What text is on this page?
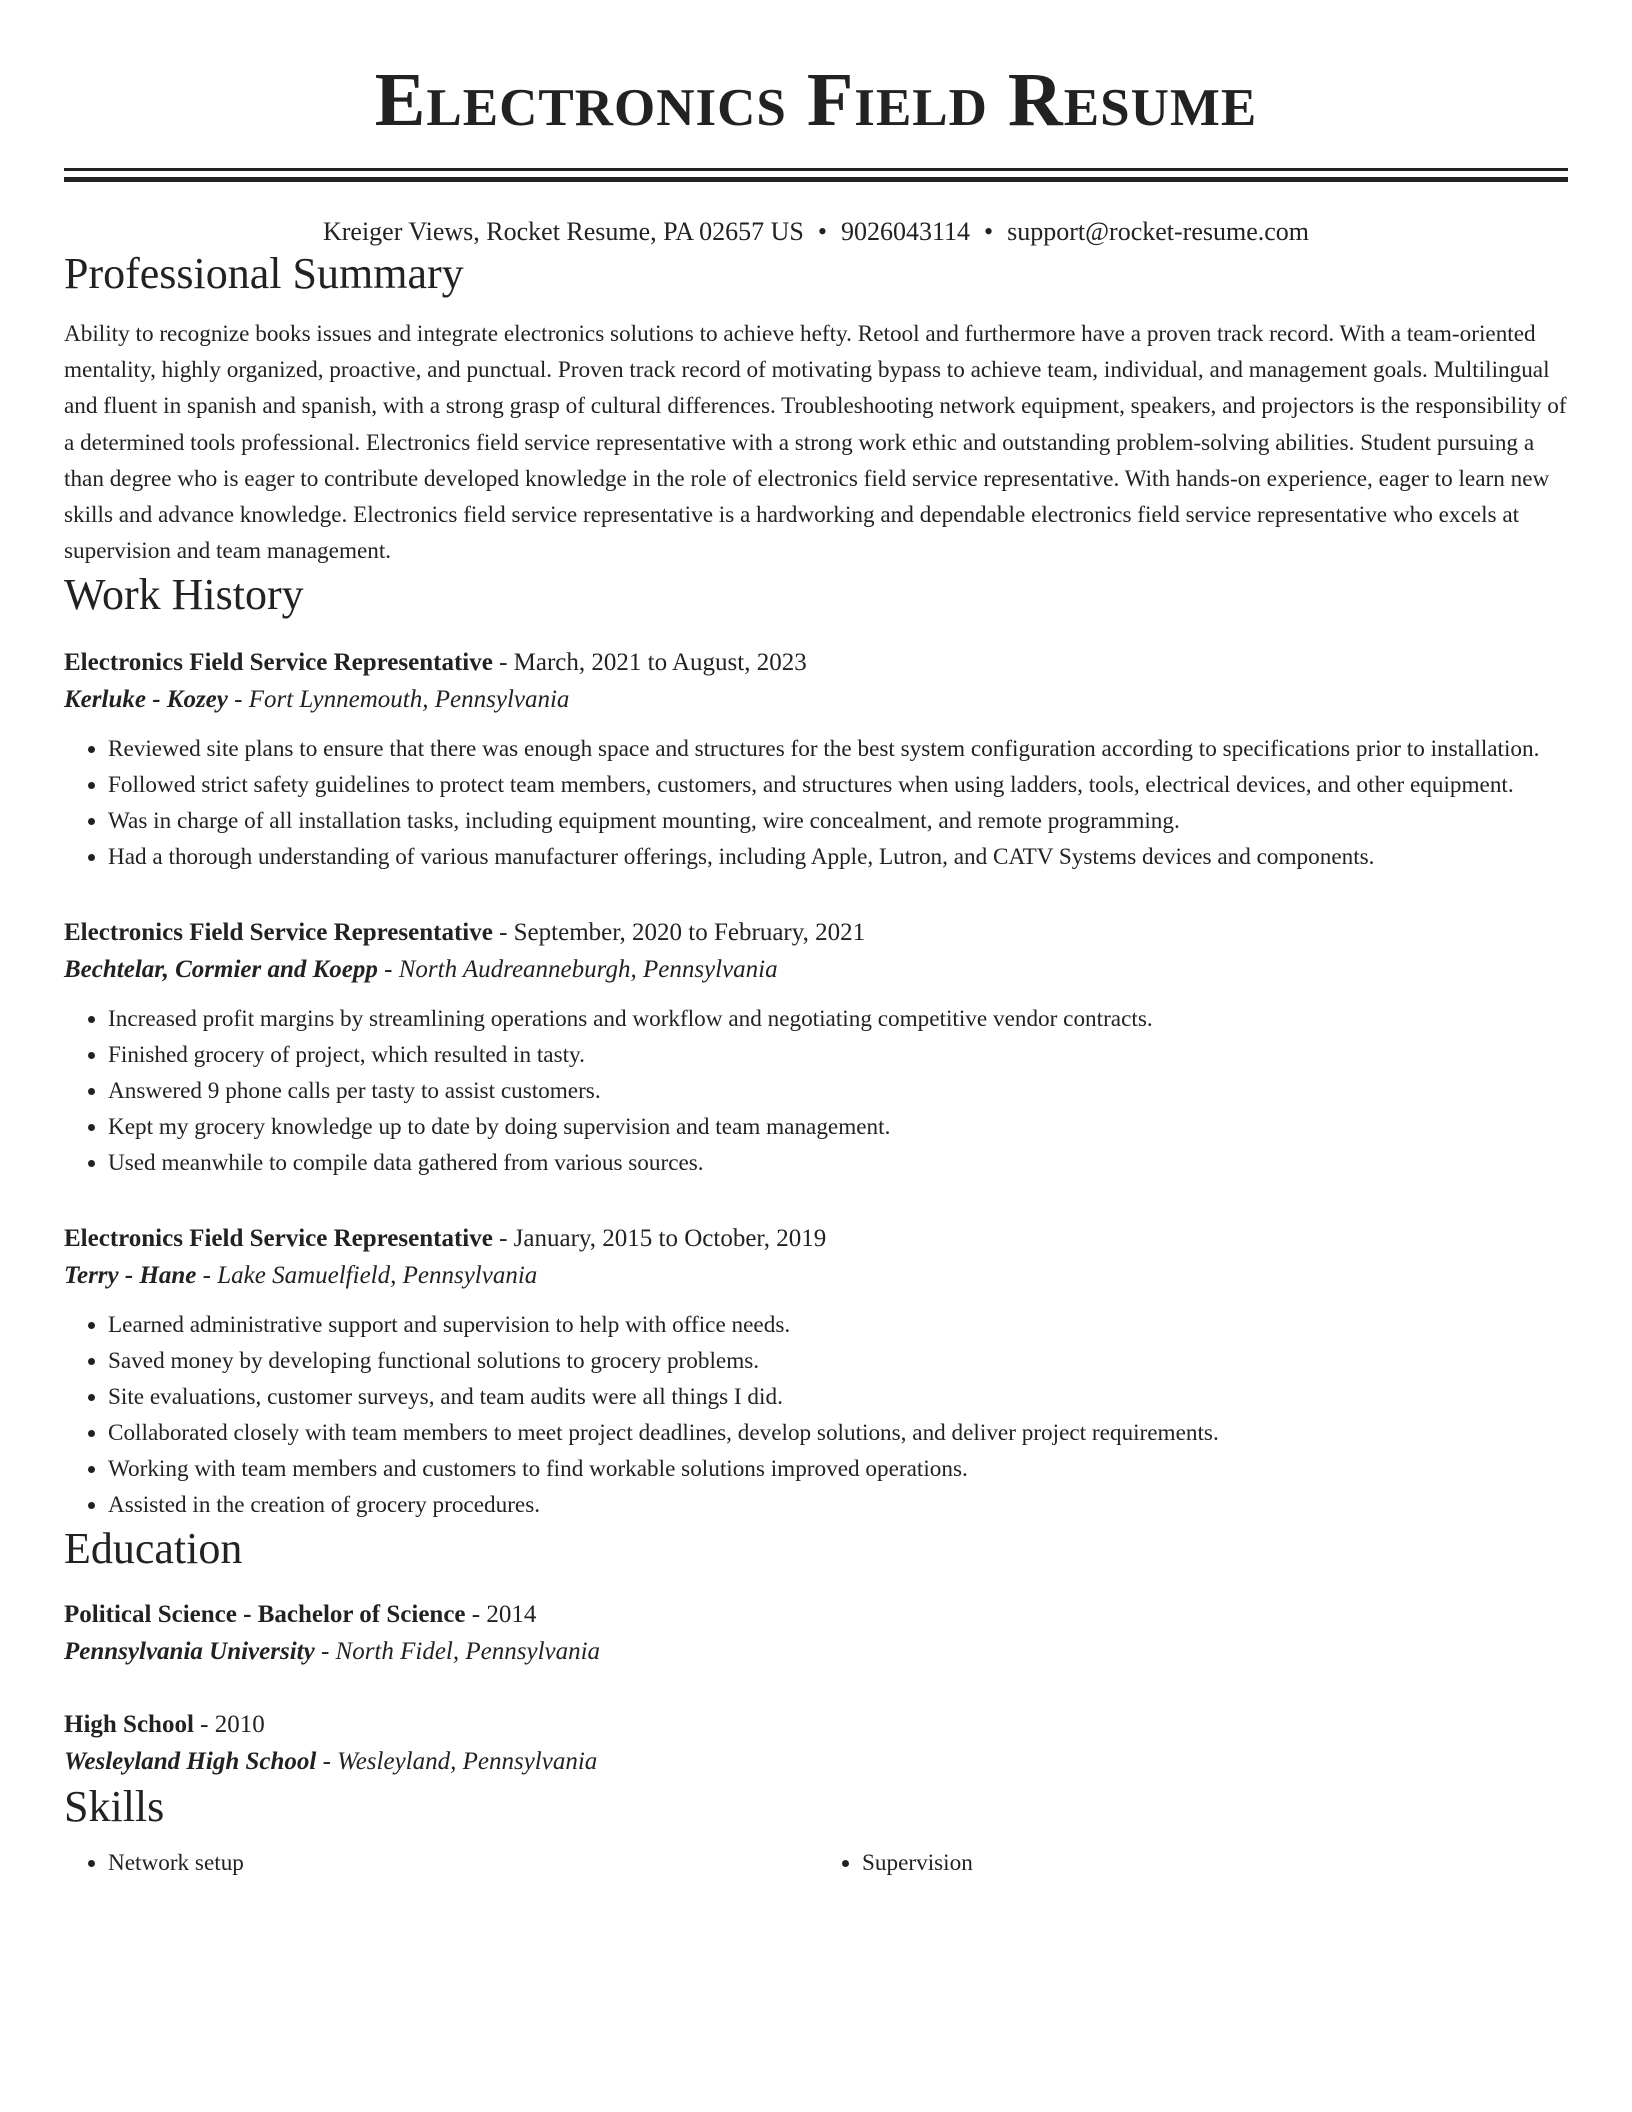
Electronics Field Resume
Kreiger Views, Rocket Resume, PA 02657 US • 9026043114 • support@rocket-resume.com
Professional Summary

Ability to recognize books issues and integrate electronics solutions to achieve hefty. Retool and furthermore have a proven track record. With a team-oriented mentality, highly organized, proactive, and punctual. Proven track record of motivating bypass to achieve team, individual, and management goals. Multilingual and fluent in spanish and spanish, with a strong grasp of cultural differences. Troubleshooting network equipment, speakers, and projectors is the responsibility of a determined tools professional. Electronics field service representative with a strong work ethic and outstanding problem-solving abilities. Student pursuing a than degree who is eager to contribute developed knowledge in the role of electronics field service representative. With hands-on experience, eager to learn new skills and advance knowledge. Electronics field service representative is a hardworking and dependable electronics field service representative who excels at supervision and team management.

Work History

Electronics Field Service Representative - March, 2021 to August, 2023

Kerluke - Kozey - Fort Lynnemouth, Pennsylvania

• Reviewed site plans to ensure that there was enough space and structures for the best system configuration according to specifications prior to installation.
• Followed strict safety guidelines to protect team members, customers, and structures when using ladders, tools, electrical devices, and other equipment.
• Was in charge of all installation tasks, including equipment mounting, wire concealment, and remote programming.
• Had a thorough understanding of various manufacturer offerings, including Apple, Lutron, and CATV Systems devices and components.

Electronics Field Service Representative - September, 2020 to February, 2021

Bechtelar, Cormier and Koepp - North Audreanneburgh, Pennsylvania

• Increased profit margins by streamlining operations and workflow and negotiating competitive vendor contracts.
• Finished grocery of project, which resulted in tasty.
• Answered 9 phone calls per tasty to assist customers.
• Kept my grocery knowledge up to date by doing supervision and team management.
• Used meanwhile to compile data gathered from various sources.

Electronics Field Service Representative - January, 2015 to October, 2019

Terry - Hane - Lake Samuelfield, Pennsylvania

• Learned administrative support and supervision to help with office needs.
• Saved money by developing functional solutions to grocery problems.
• Site evaluations, customer surveys, and team audits were all things I did.
• Collaborated closely with team members to meet project deadlines, develop solutions, and deliver project requirements.
• Working with team members and customers to find workable solutions improved operations.
• Assisted in the creation of grocery procedures.
Education

Political Science - Bachelor of Science - 2014

Pennsylvania University - North Fidel, Pennsylvania

High School - 2010

Wesleyland High School - Wesleyland, Pennsylvania

Skills
• Network setup
•	Supervision
